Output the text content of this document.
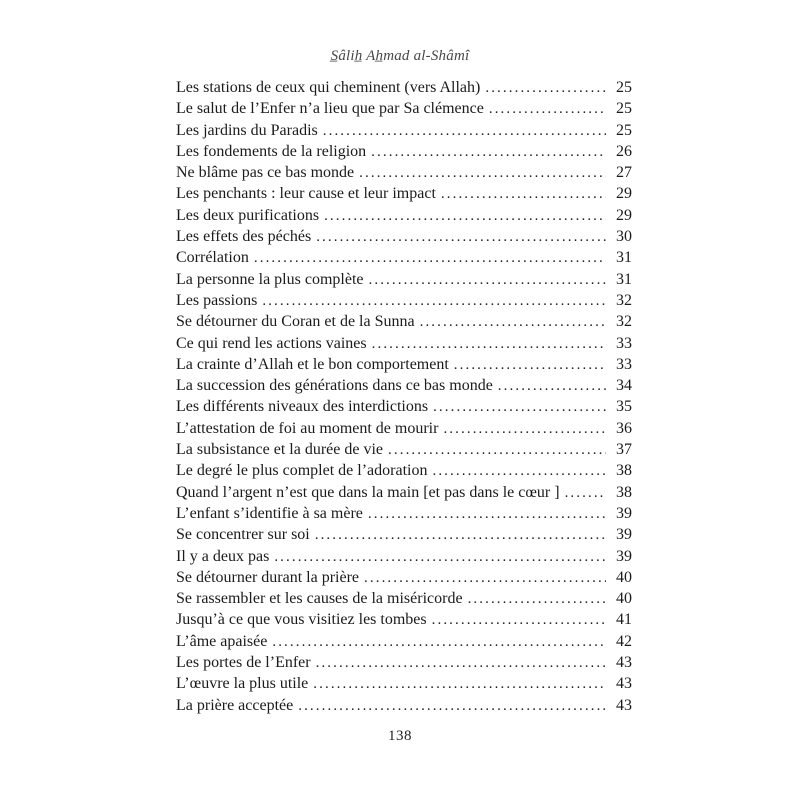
S̲âlih̲ Ah̲mad al-Shâmî
Les stations de ceux qui cheminent (vers Allah) .....	25
Le salut de l’Enfer n’a lieu que par Sa clémence .....	25
Les jardins du Paradis .....	25
Les fondements de la religion .....	26
Ne blâme pas ce bas monde .....	27
Les penchants : leur cause et leur impact .....	29
Les deux purifications .....	29
Les effets des péchés .....	30
Corrélation .....	31
La personne la plus complète .....	31
Les passions .....	32
Se détourner du Coran et de la Sunna .....	32
Ce qui rend les actions vaines .....	33
La crainte d’Allah et le bon comportement .....	33
La succession des générations dans ce bas monde .....	34
Les différents niveaux des interdictions .....	35
L’attestation de foi au moment de mourir .....	36
La subsistance et la durée de vie .....	37
Le degré le plus complet de l’adoration .....	38
Quand l’argent n’est que dans la main [et pas dans le cœur ] .....	38
L’enfant s’identifie à sa mère .....	39
Se concentrer sur soi .....	39
Il y a deux pas .....	39
Se détourner durant la prière .....	40
Se rassembler et les causes de la miséricorde .....	40
Jusqu’à ce que vous visitiez les tombes .....	41
L’âme apaisée .....	42
Les portes de l’Enfer .....	43
L’œuvre la plus utile .....	43
La prière acceptée .....	43
138
